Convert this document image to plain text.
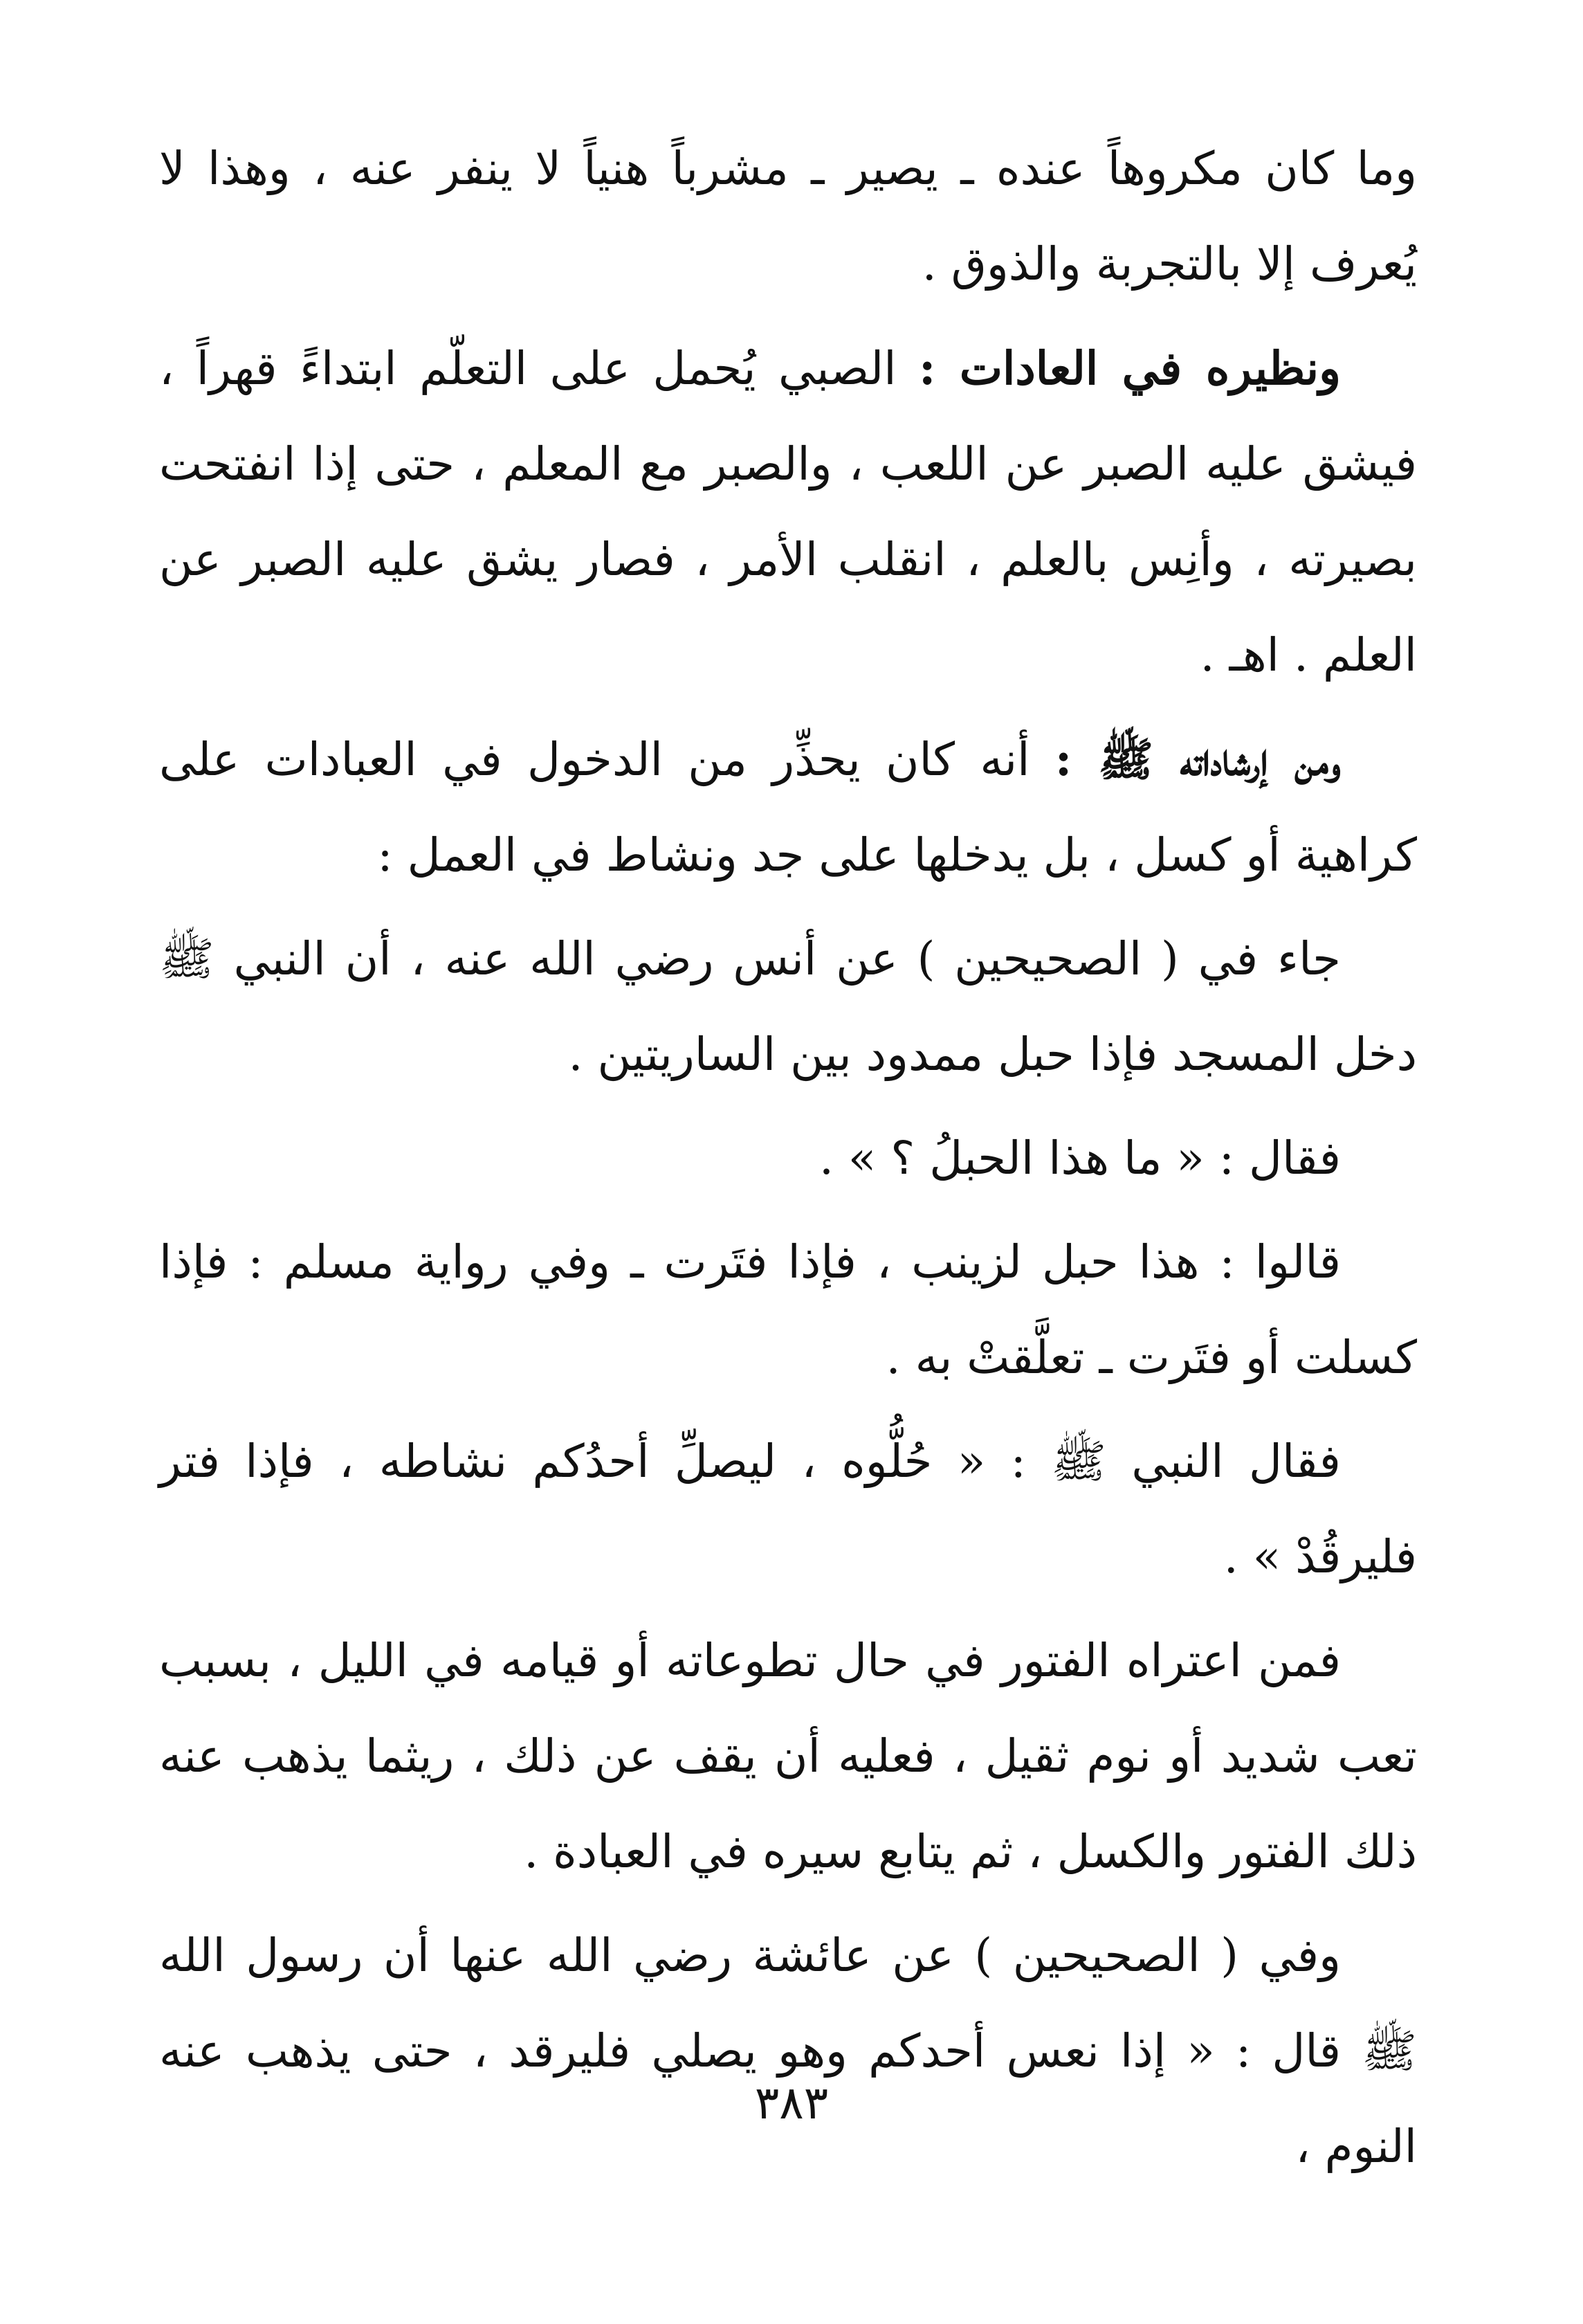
وما كان مكروهاً عنده ـ يصير ـ مشرباً هنياً لا ينفر عنه ، وهذا لا يُعرف إلا بالتجربة والذوق .

ونظيره في العادات : الصبي يُحمل على التعلّم ابتداءً قهراً ، فيشق عليه الصبر عن اللعب ، والصبر مع المعلم ، حتى إذا انفتحت بصيرته ، وأنِس بالعلم ، انقلب الأمر ، فصار يشق عليه الصبر عن العلم . اهـ .

ومن إرشاداته ﷺ : أنه كان يحذِّر من الدخول في العبادات على كراهية أو كسل ، بل يدخلها على جد ونشاط في العمل :

جاء في ( الصحيحين ) عن أنس رضي الله عنه ، أن النبي ﷺ دخل المسجد فإذا حبل ممدود بين الساريتين .

فقال : « ما هذا الحبلُ ؟ » .

قالوا : هذا حبل لزينب ، فإذا فتَرت ـ وفي رواية مسلم : فإذا كسلت أو فتَرت ـ تعلَّقتْ به .

فقال النبي ﷺ : « حُلُّوه ، ليصلِّ أحدُكم نشاطه ، فإذا فتر فليرقُدْ » .

فمن اعتراه الفتور في حال تطوعاته أو قيامه في الليل ، بسبب تعب شديد أو نوم ثقيل ، فعليه أن يقف عن ذلك ، ريثما يذهب عنه ذلك الفتور والكسل ، ثم يتابع سيره في العبادة .

وفي ( الصحيحين ) عن عائشة رضي الله عنها أن رسول الله ﷺ قال : « إذا نعس أحدكم وهو يصلي فليرقد ، حتى يذهب عنه النوم ،

٣٨٣
